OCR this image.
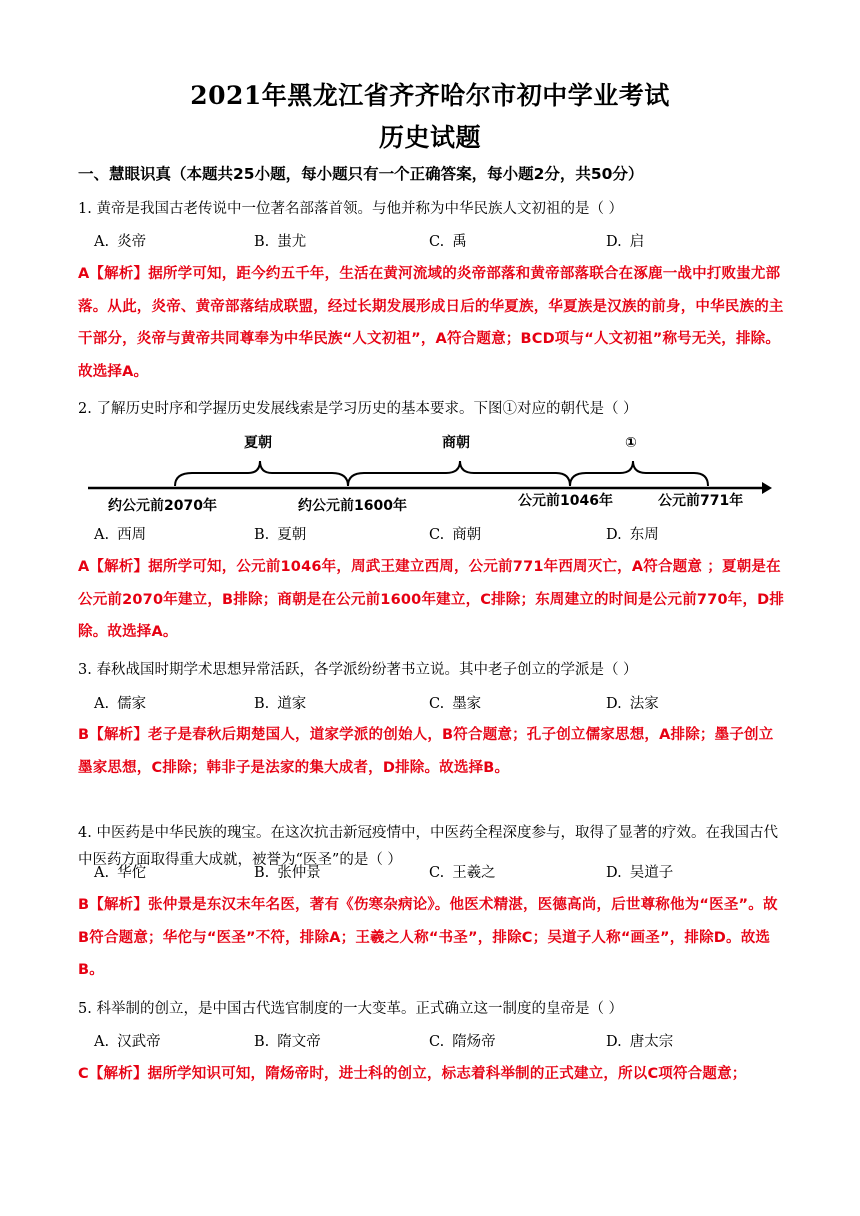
2021年黑龙江省齐齐哈尔市初中学业考试
历史试题
一、慧眼识真（本题共25小题，每小题只有一个正确答案，每小题2分，共50分）
1. 黄帝是我国古老传说中一位著名部落首领。与他并称为中华民族人文初祖的是（ ）
A. 炎帝	B. 蚩尤	C. 禹	D. 启
A【解析】据所学可知，距今约五千年，生活在黄河流域的炎帝部落和黄帝部落联合在涿鹿一战中打败蚩尤部落。从此，炎帝、黄帝部落结成联盟，经过长期发展形成日后的华夏族，华夏族是汉族的前身，中华民族的主干部分，炎帝与黄帝共同尊奉为中华民族“人文初祖”，A符合题意；BCD项与“人文初祖”称号无关，排除。故选择A。
2. 了解历史时序和学握历史发展线索是学习历史的基本要求。下图①对应的朝代是（ ）
夏朝	商朝	①
约公元前2070年	约公元前1600年	公元前1046年	公元前771年
A. 西周	B. 夏朝	C. 商朝	D. 东周
A【解析】据所学可知，公元前1046年，周武王建立西周，公元前771年西周灭亡，A符合题意 ；夏朝是在公元前2070年建立，B排除；商朝是在公元前1600年建立，C排除；东周建立的时间是公元前770年，D排除。故选择A。
3. 春秋战国时期学术思想异常活跃，各学派纷纷著书立说。其中老子创立的学派是（ ）
A. 儒家	B. 道家	C. 墨家	D. 法家
B【解析】老子是春秋后期楚国人，道家学派的创始人，B符合题意；孔子创立儒家思想，A排除；墨子创立墨家思想，C排除；韩非子是法家的集大成者，D排除。故选择B。
4. 中医药是中华民族的瑰宝。在这次抗击新冠疫情中，中医药全程深度参与，取得了显著的疗效。在我国古代中医药方面取得重大成就，被誉为“医圣”的是（ ）
A. 华佗	B. 张仲景	C. 王羲之	D. 吴道子
B【解析】张仲景是东汉末年名医，著有《伤寒杂病论》。他医术精湛，医德高尚，后世尊称他为“医圣”。故B符合题意；华佗与“医圣”不符，排除A；王羲之人称“书圣”，排除C；吴道子人称“画圣”，排除D。故选B。
5. 科举制的创立，是中国古代选官制度的一大变革。正式确立这一制度的皇帝是（ ）
A. 汉武帝	B. 隋文帝	C. 隋炀帝	D. 唐太宗
C【解析】据所学知识可知，隋炀帝时，进士科的创立，标志着科举制的正式建立，所以C项符合题意；
